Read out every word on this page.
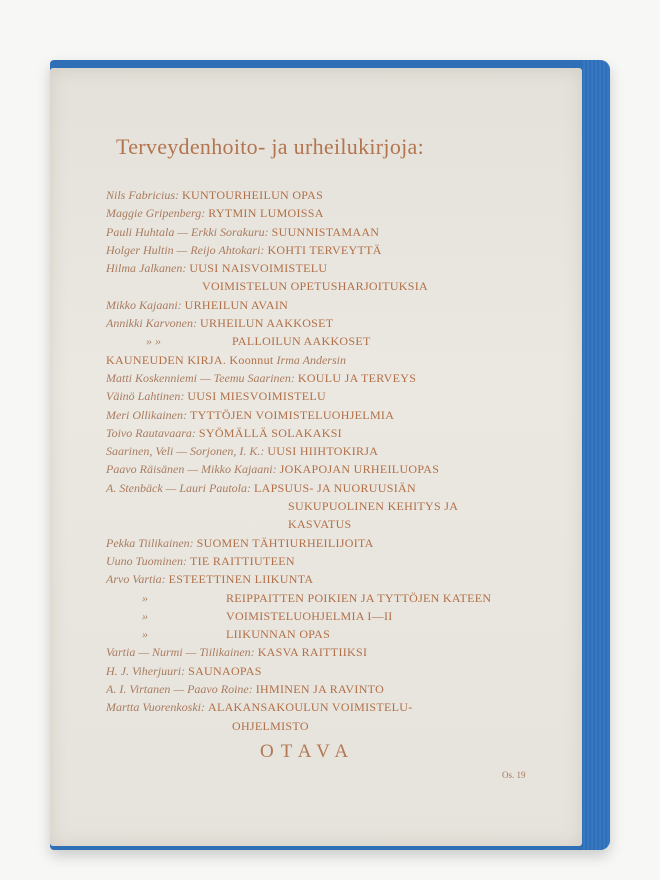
Terveydenhoito- ja urheilukirjoja:
Nils Fabricius: KUNTOURHEILUN OPAS
Maggie Gripenberg: RYTMIN LUMOISSA
Pauli Huhtala — Erkki Sorakuru: SUUNNISTAMAAN
Holger Hultin — Reijo Ahtokari: KOHTI TERVEYTTÄ
Hilma Jalkanen: UUSI NAISVOIMISTELU
VOIMISTELUN OPETUSHARJOITUKSIA
Mikko Kajaani: URHEILUN AVAIN
Annikki Karvonen: URHEILUN AAKKOSET
» »	PALLOILUN AAKKOSET
KAUNEUDEN KIRJA. Koonnut Irma Andersin
Matti Koskenniemi — Teemu Saarinen: KOULU JA TERVEYS
Väinö Lahtinen: UUSI MIESVOIMISTELU
Meri Ollikainen: TYTTÖJEN VOIMISTELUOHJELMIA
Toivo Rautavaara: SYÖMÄLLÄ SOLAKAKSI
Saarinen, Veli — Sorjonen, I. K.: UUSI HIIHTOKIRJA
Paavo Räisänen — Mikko Kajaani: JOKAPOJAN URHEILUOPAS
A. Stenbäck — Lauri Pautola: LAPSUUS- JA NUORUUSIÄN
SUKUPUOLINEN KEHITYS JA
KASVATUS
Pekka Tiilikainen: SUOMEN TÄHTIURHEILIJOITA
Uuno Tuominen: TIE RAITTIUTEEN
Arvo Vartia: ESTEETTINEN LIIKUNTA
»	REIPPAITTEN POIKIEN JA TYTTÖJEN KATEEN
»	VOIMISTELUOHJELMIA I—II
»	LIIKUNNAN OPAS
Vartia — Nurmi — Tiilikainen: KASVA RAITTIIKSI
H. J. Viherjuuri: SAUNAOPAS
A. I. Virtanen — Paavo Roine: IHMINEN JA RAVINTO
Martta Vuorenkoski: ALAKANSAKOULUN VOIMISTELU-
OHJELMISTO
OTAVA
Os. 19
